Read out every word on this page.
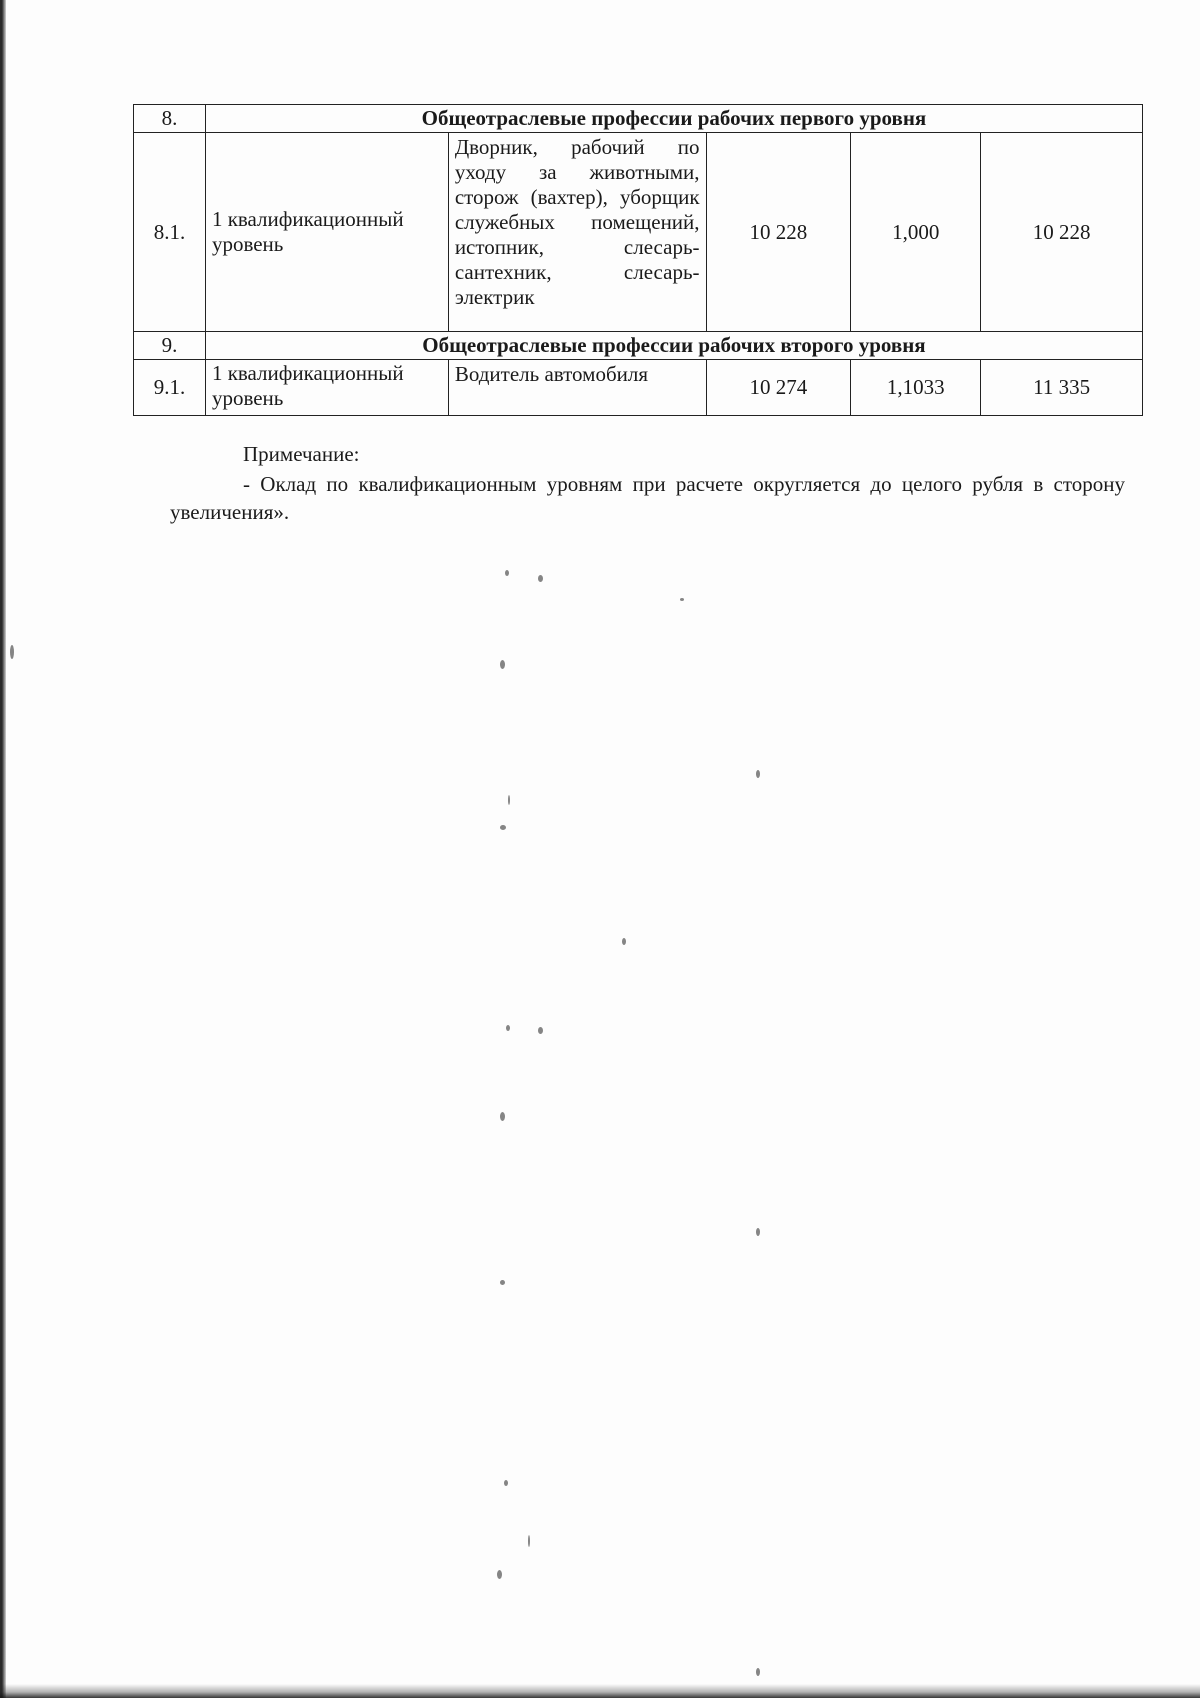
8.	Общеотраслевые профессии рабочих первого уровня				
8.1.	1 квалификационный уровень	Дворник, рабочий по уходу за животными, сторож (вахтер), уборщик служебных помещений, истопник, слесарь-сантехник, слесарь-электрик	10 228	1,000	10 228
9.	Общеотраслевые профессии рабочих второго уровня				
9.1.	1 квалификационный уровень	Водитель автомобиля	10 274	1,1033	11 335
Примечание:
- Оклад по квалификационным уровням при расчете округляется до целого рубля в сторону увеличения».
